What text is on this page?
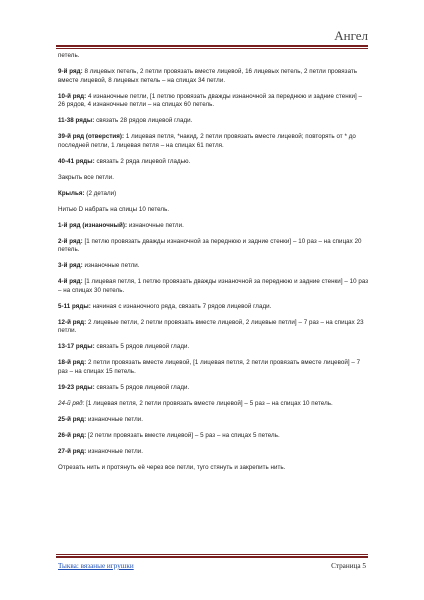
Ангел

петель.

9-й ряд: 8 лицевых петель, 2 петли провязать вместе лицевой, 16 лицевых петель, 2 петли провязать вместе лицевой, 8 лицевых петель – на спицах 34 петли.

10-й ряд: 4 изнаночные петли, [1 петлю провязать дважды изнаночной за переднюю и задние стенки] – 26 рядов, 4 изнаночные петли – на спицах 60 петель.

11-38 ряды: связать 28 рядов лицевой глади.

39-й ряд (отверстия): 1 лицевая петля, *накид, 2 петли провязать вместе лицевой; повторять от * до последней петли, 1 лицевая петля – на спицах 61 петля.

40-41 ряды: связать 2 ряда лицевой гладью.

Закрыть все петли.

Крылья: (2 детали)

Нитью D набрать на спицы 10 петель.

1-й ряд (изнаночный): изнаночные петли.

2-й ряд: [1 петлю провязать дважды изнаночной за переднюю и задние стенки] – 10 раз – на спицах 20 петель.

3-й ряд: изнаночные петли.

4-й ряд: [1 лицевая петля, 1 петлю провязать дважды изнаночной за переднюю и задние стенки] – 10 раз – на спицах 30 петель.

5-11 ряды: начиная с изнаночного ряда, связать 7 рядов лицевой глади.

12-й ряд: 2 лицевые петли, 2 петли провязать вместе лицевой, 2 лицевые петли] – 7 раз – на спицах 23 петли.

13-17 ряды: связать 5 рядов лицевой глади.

18-й ряд: 2 петли провязать вместе лицевой, [1 лицевая петля, 2 петли провязать вместе лицевой] – 7 раз – на спицах 15 петель.

19-23 ряды: связать 5 рядов лицевой глади.

24-й ряд: [1 лицевая петля, 2 петли провязать вместе лицевой] – 5 раз – на спицах 10 петель.

25-й ряд: изнаночные петли.

26-й ряд: [2 петли провязать вместе лицевой] – 5 раз – на спицах 5 петель.

27-й ряд: изнаночные петли.

Отрезать нить и протянуть её через все петли, туго стянуть и закрепить нить.

Тыква: вязаные игрушки	Страница 5
